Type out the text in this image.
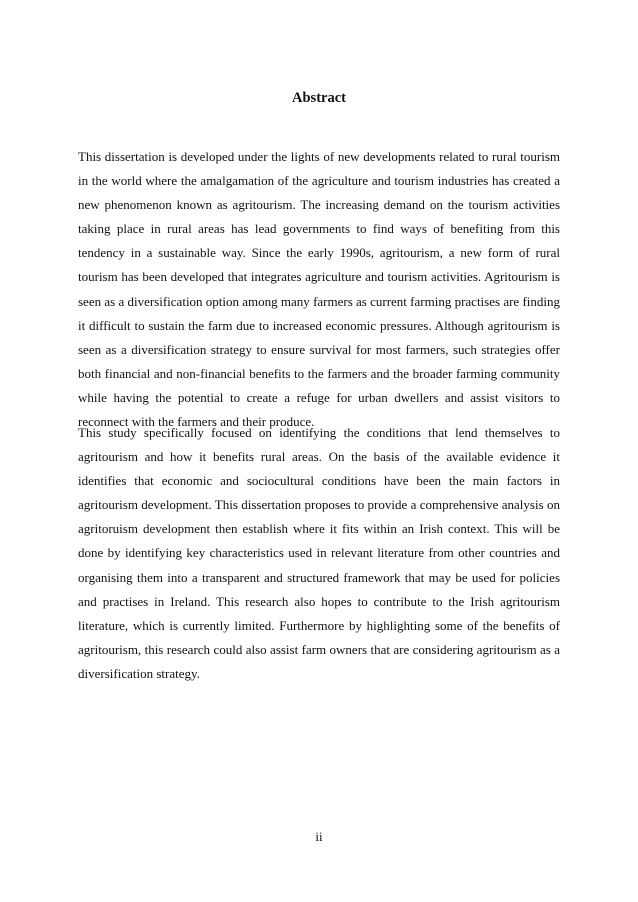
Abstract

This dissertation is developed under the lights of new developments related to rural tourism in the world where the amalgamation of the agriculture and tourism industries has created a new phenomenon known as agritourism. The increasing demand on the tourism activities taking place in rural areas has lead governments to find ways of benefiting from this tendency in a sustainable way. Since the early 1990s, agritourism, a new form of rural tourism has been developed that integrates agriculture and tourism activities. Agritourism is seen as a diversification option among many farmers as current farming practises are finding it difficult to sustain the farm due to increased economic pressures. Although agritourism is seen as a diversification strategy to ensure survival for most farmers, such strategies offer both financial and non-financial benefits to the farmers and the broader farming community while having the potential to create a refuge for urban dwellers and assist visitors to reconnect with the farmers and their produce.

This study specifically focused on identifying the conditions that lend themselves to agritourism and how it benefits rural areas. On the basis of the available evidence it identifies that economic and sociocultural conditions have been the main factors in agritourism development. This dissertation proposes to provide a comprehensive analysis on agritoruism development then establish where it fits within an Irish context. This will be done by identifying key characteristics used in relevant literature from other countries and organising them into a transparent and structured framework that may be used for policies and practises in Ireland. This research also hopes to contribute to the Irish agritourism literature, which is currently limited. Furthermore by highlighting some of the benefits of agritourism, this research could also assist farm owners that are considering agritourism as a diversification strategy.

ii
